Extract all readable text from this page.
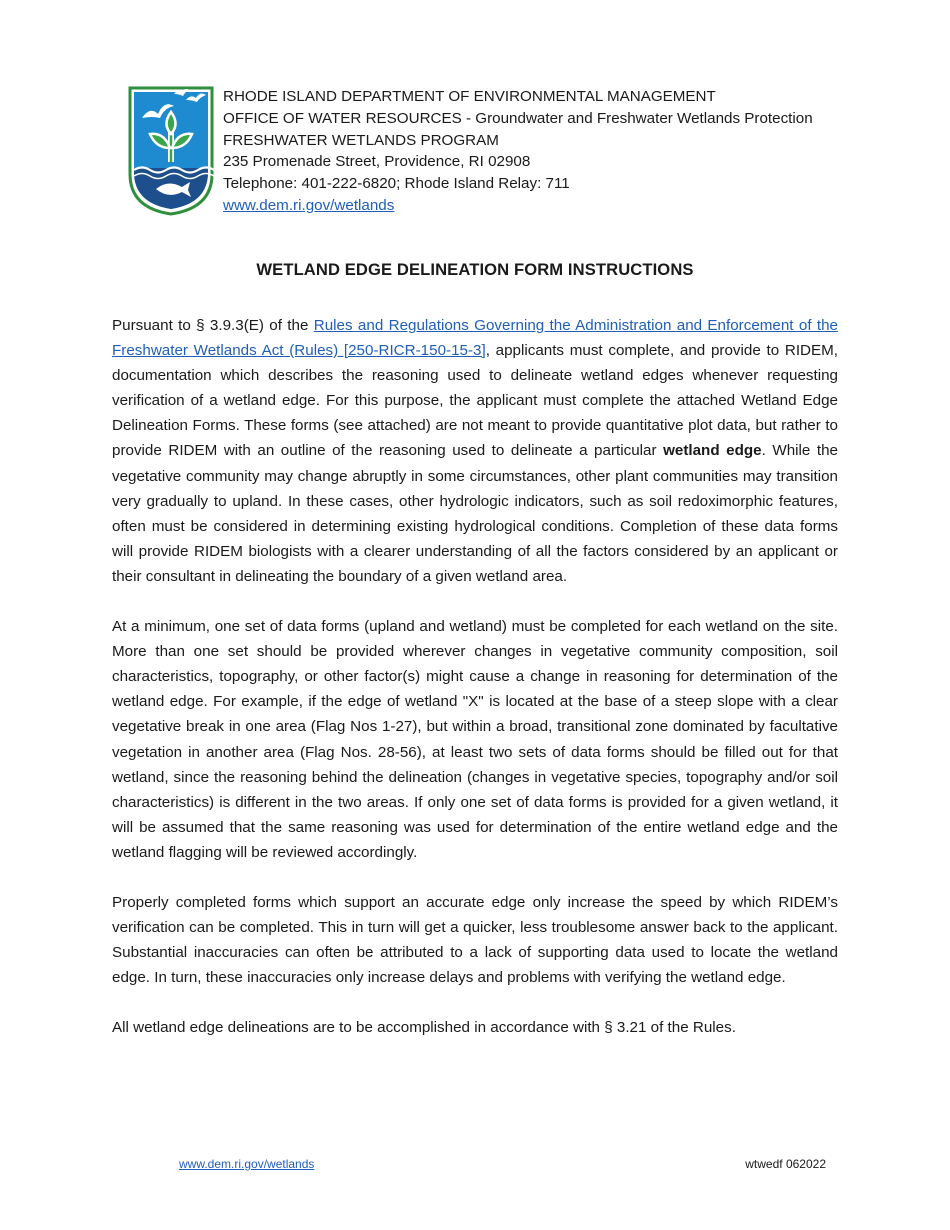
RHODE ISLAND DEPARTMENT OF ENVIRONMENTAL MANAGEMENT
OFFICE OF WATER RESOURCES - Groundwater and Freshwater Wetlands Protection
FRESHWATER WETLANDS PROGRAM
235 Promenade Street, Providence, RI 02908
Telephone: 401-222-6820; Rhode Island Relay: 711
www.dem.ri.gov/wetlands
WETLAND EDGE DELINEATION FORM INSTRUCTIONS

Pursuant to § 3.9.3(E) of the Rules and Regulations Governing the Administration and Enforcement of the Freshwater Wetlands Act (Rules) [250-RICR-150-15-3], applicants must complete, and provide to RIDEM, documentation which describes the reasoning used to delineate wetland edges whenever requesting verification of a wetland edge. For this purpose, the applicant must complete the attached Wetland Edge Delineation Forms. These forms (see attached) are not meant to provide quantitative plot data, but rather to provide RIDEM with an outline of the reasoning used to delineate a particular wetland edge. While the vegetative community may change abruptly in some circumstances, other plant communities may transition very gradually to upland. In these cases, other hydrologic indicators, such as soil redoximorphic features, often must be considered in determining existing hydrological conditions. Completion of these data forms will provide RIDEM biologists with a clearer understanding of all the factors considered by an applicant or their consultant in delineating the boundary of a given wetland area.

At a minimum, one set of data forms (upland and wetland) must be completed for each wetland on the site. More than one set should be provided wherever changes in vegetative community composition, soil characteristics, topography, or other factor(s) might cause a change in reasoning for determination of the wetland edge. For example, if the edge of wetland "X" is located at the base of a steep slope with a clear vegetative break in one area (Flag Nos 1-27), but within a broad, transitional zone dominated by facultative vegetation in another area (Flag Nos. 28-56), at least two sets of data forms should be filled out for that wetland, since the reasoning behind the delineation (changes in vegetative species, topography and/or soil characteristics) is different in the two areas. If only one set of data forms is provided for a given wetland, it will be assumed that the same reasoning was used for determination of the entire wetland edge and the wetland flagging will be reviewed accordingly.

Properly completed forms which support an accurate edge only increase the speed by which RIDEM’s verification can be completed. This in turn will get a quicker, less troublesome answer back to the applicant. Substantial inaccuracies can often be attributed to a lack of supporting data used to locate the wetland edge. In turn, these inaccuracies only increase delays and problems with verifying the wetland edge.

All wetland edge delineations are to be accomplished in accordance with § 3.21 of the Rules.

www.dem.ri.gov/wetlands	wtwedf 062022
